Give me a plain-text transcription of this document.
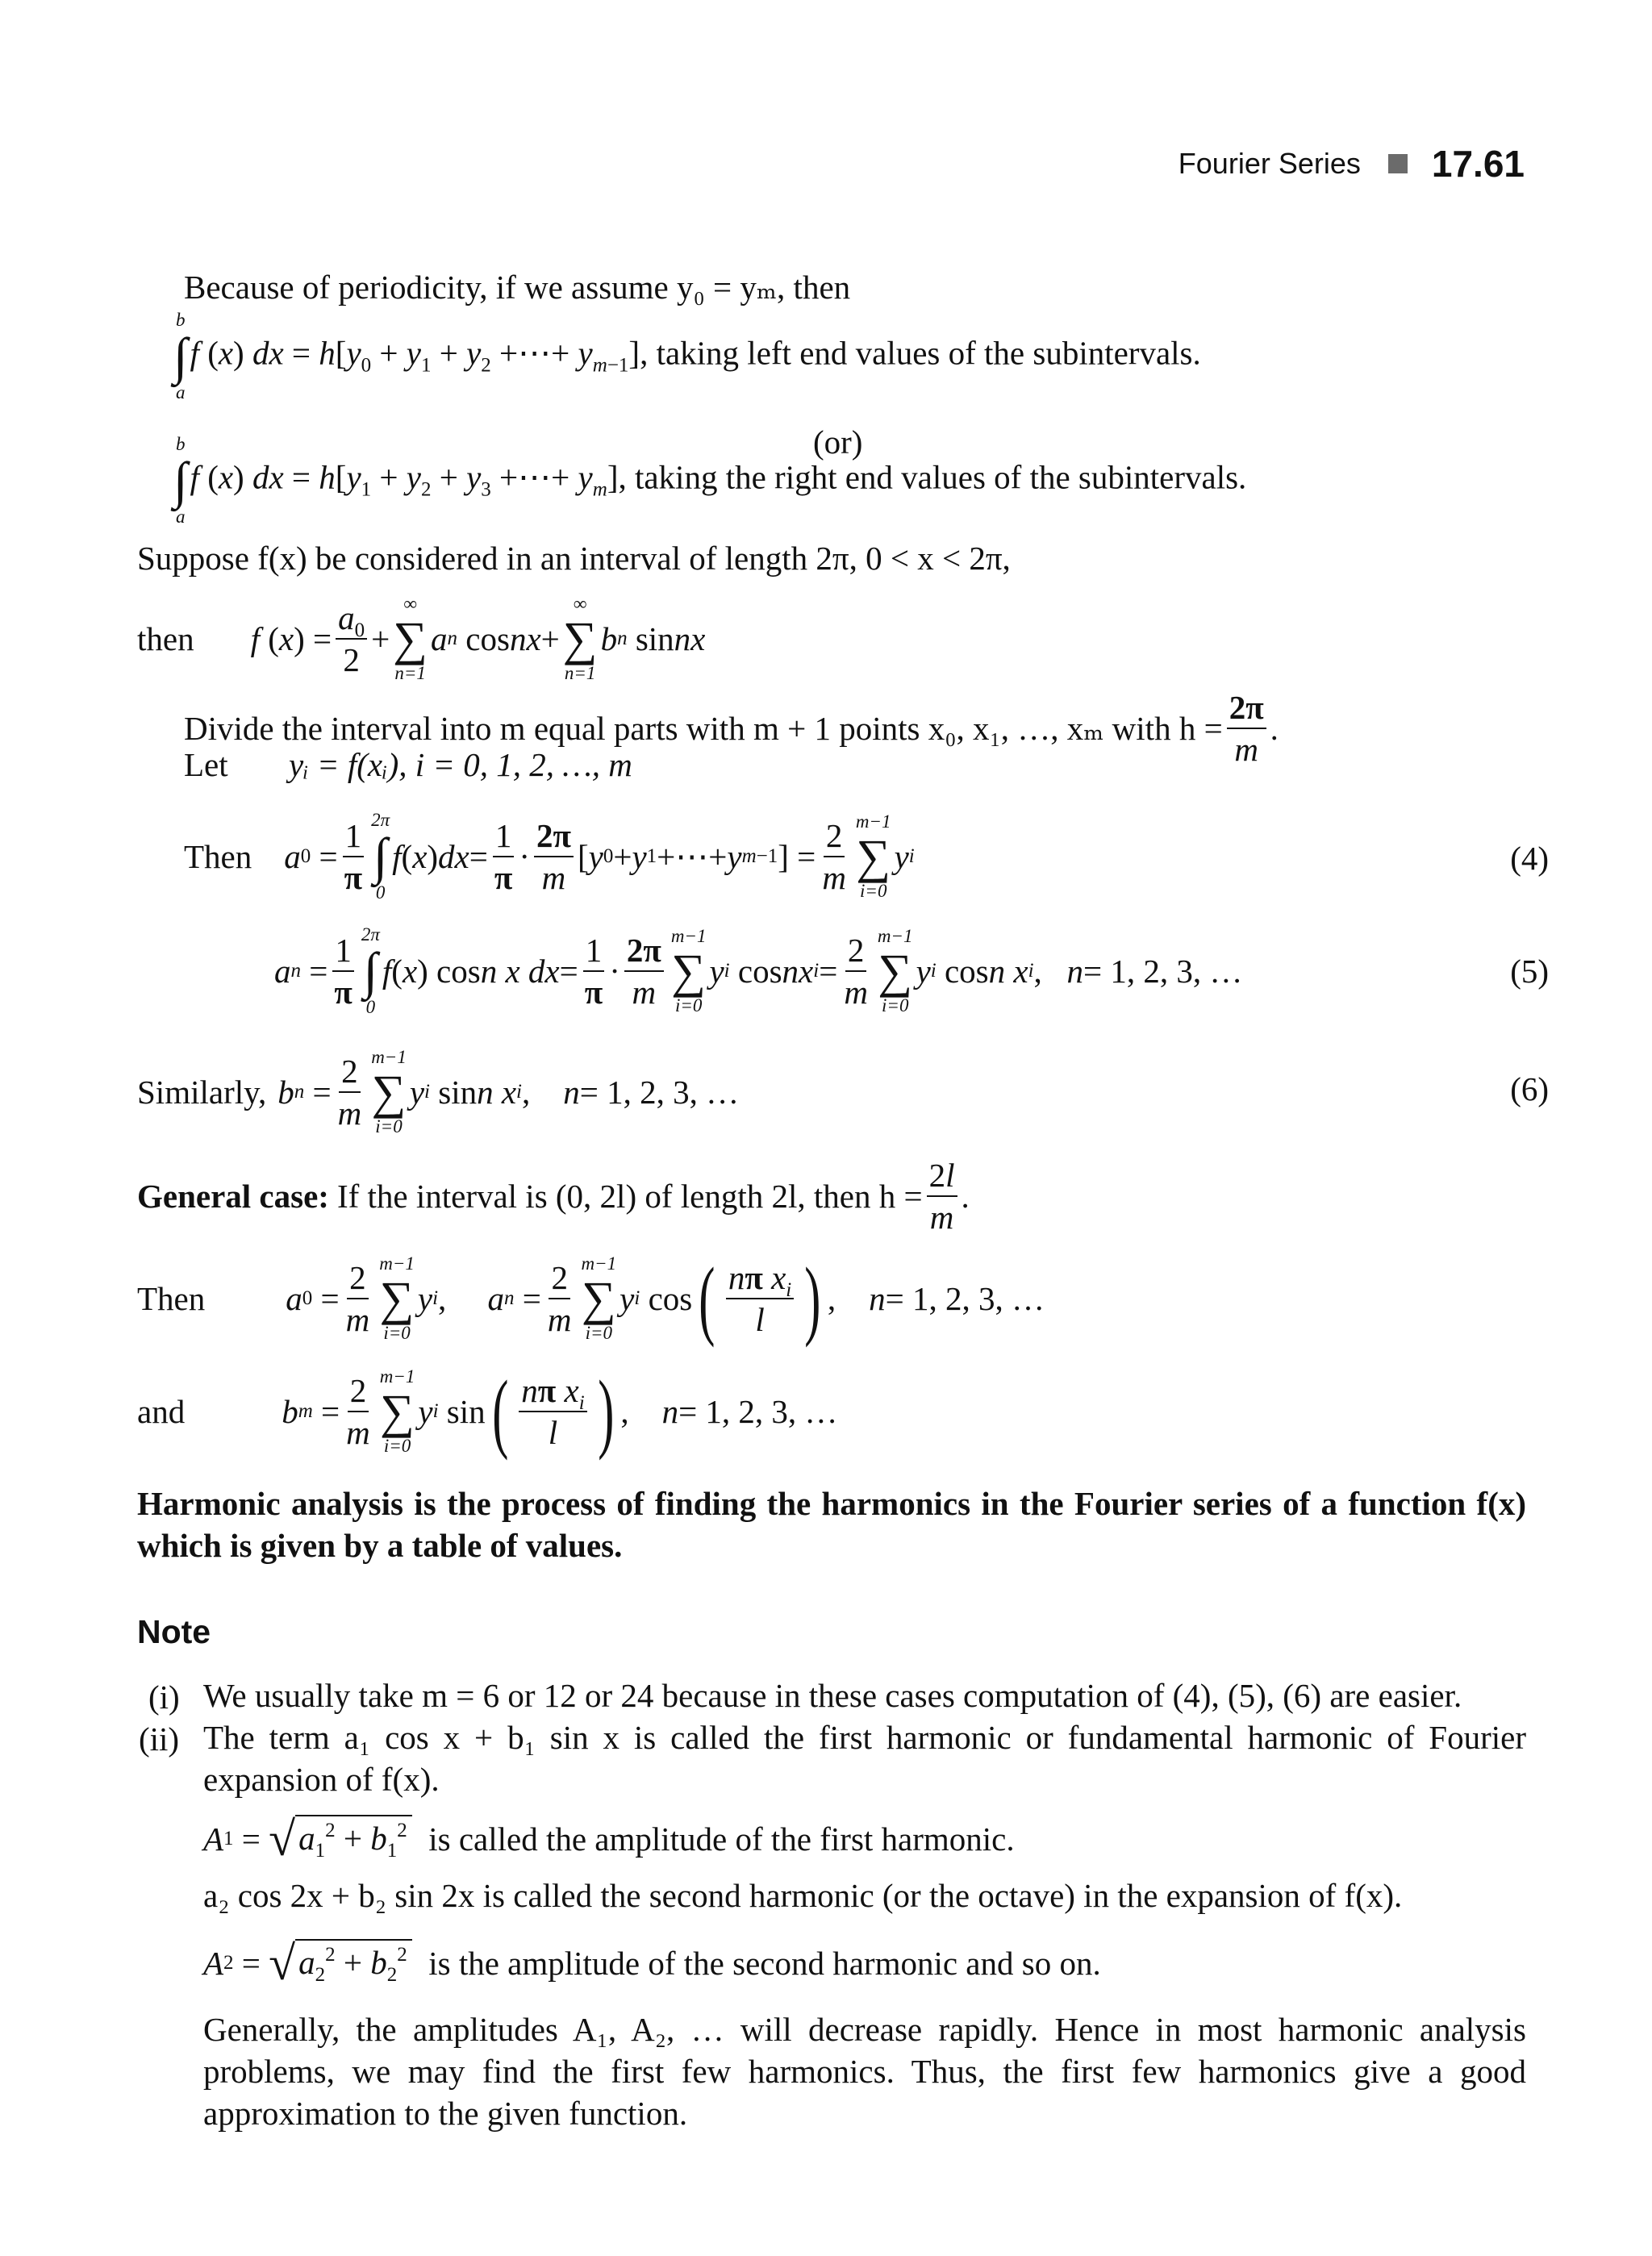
Fourier Series 17.61
Because of periodicity, if we assume y₀ = yₘ, then
b
∫
a
f (x) dx = $h[y_0 + y_1 + y_2$ +⋯+ $y_{m-1}$], taking left end values of the subintervals.
(or)
b
∫
a
f (x) dx = $h[y_1 + y_2 + y_3$ +⋯+ $y_m$], taking the right end values of the subintervals.
Suppose f(x) be considered in an interval of length 2π, 0 < x < 2π,
then f ( x ) =
$a_0$
2
+
∞
∑
n=1
a n cos nx +
∞
∑
n=1
b n sin nx
Divide the interval into m equal parts with m + 1 points x₀, x₁, …, xₘ with $h = \frac{2\pi}{m}$ .
Let yᵢ = f(xᵢ), i = 0, 1, 2, …, m
Then a 0 =
1
π
2π
∫
0
f ( x ) dx =
1
π
·
2π
m
[ y 0 + y 1 +⋯+ y m−1 ] =
2
m
m−1
∑
i=0
y i	(4)
a n =
1
π
2π
∫
0
f ( x ) cos n x dx =
1
π
·
2π
m
m−1
∑
i=0
y i cos nx i =
2
m
m−1
∑
i=0
y i cos n x i , n = 1, 2, 3, …	(5)
Similarly, b n =
2
m
m−1
∑
i=0
y i sin n x i , n = 1, 2, 3, …	(6)
General case: If the interval is (0, 2l) of length 2l, then $h = \frac{2l}{m}$ .
Then a 0 =
2
m
m−1
∑
i=0
y i , a n =
2
m
m−1
∑
i=0
y i cos ( nπ $x_i$
l ) , n = 1, 2, 3, …
and	b m =
2
m
m−1
∑
i=0
y i sin ( nπ $x_i$
l ) , n = 1, 2, 3, …
Harmonic analysis is the process of finding the harmonics in the Fourier series of a function f(x) which is given by a table of values.
Note
(i) We usually take m = 6 or 12 or 24 because in these cases computation of (4), (5), (6) are easier.
(ii) The term a₁ cos x + b₁ sin x is called the first harmonic or fundamental harmonic of Fourier expansion of f(x).
A 1 = √ $a_1^2 + b_1^2$
is called the amplitude of the first harmonic.
a₂ cos 2x + b₂ sin 2x is called the second harmonic (or the octave) in the expansion of f(x).
A 2 = √ $a_2^2 + b_2^2$
is the amplitude of the second harmonic and so on.
Generally, the amplitudes A₁, A₂, … will decrease rapidly. Hence in most harmonic analysis problems, we may find the first few harmonics. Thus, the first few harmonics give a good approximation to the given function.
